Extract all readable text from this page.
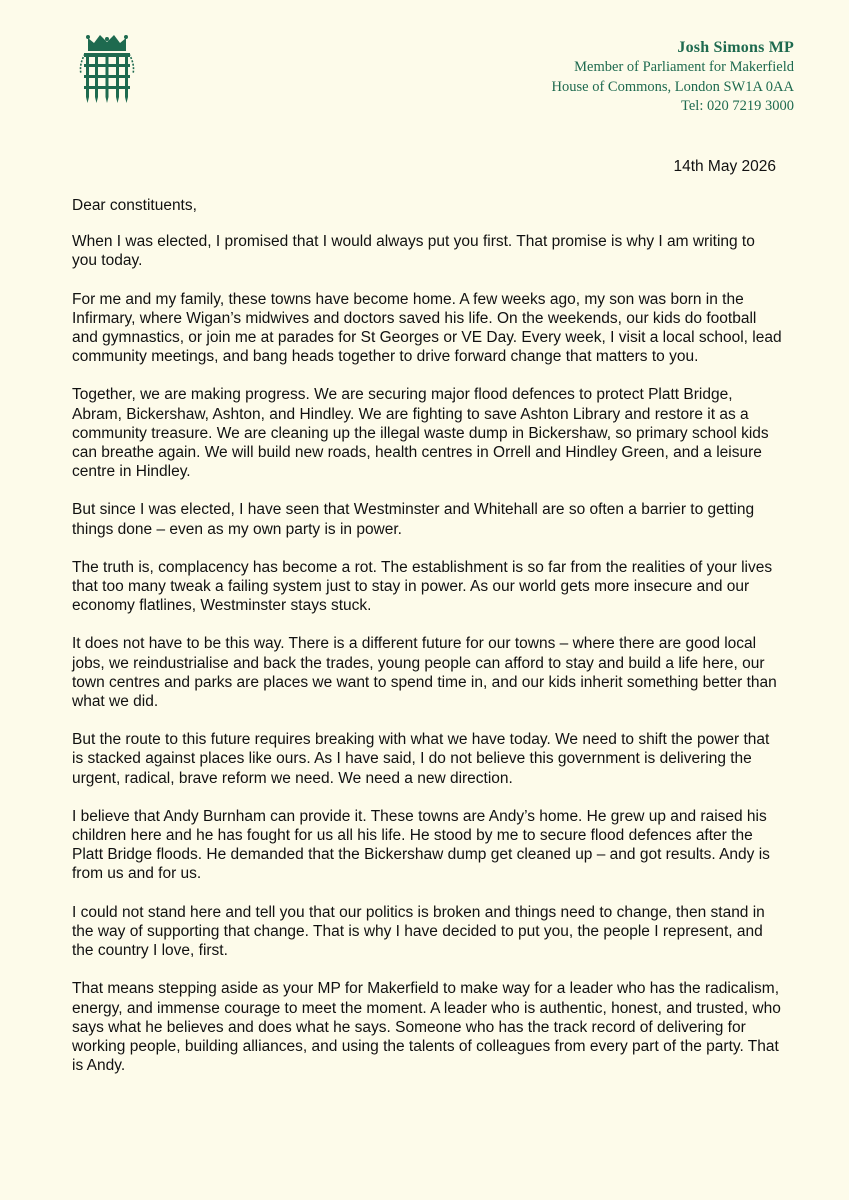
Josh Simons MP
Member of Parliament for Makerfield
House of Commons, London SW1A 0AA
Tel: 020 7219 3000
14th May 2026

Dear constituents,

When I was elected, I promised that I would always put you first. That promise is why I am writing to you today.

For me and my family, these towns have become home. A few weeks ago, my son was born in the Infirmary, where Wigan’s midwives and doctors saved his life. On the weekends, our kids do football and gymnastics, or join me at parades for St Georges or VE Day. Every week, I visit a local school, lead community meetings, and bang heads together to drive forward change that matters to you.

Together, we are making progress. We are securing major flood defences to protect Platt Bridge, Abram, Bickershaw, Ashton, and Hindley. We are fighting to save Ashton Library and restore it as a community treasure. We are cleaning up the illegal waste dump in Bickershaw, so primary school kids can breathe again. We will build new roads, health centres in Orrell and Hindley Green, and a leisure centre in Hindley.

But since I was elected, I have seen that Westminster and Whitehall are so often a barrier to getting things done – even as my own party is in power.

The truth is, complacency has become a rot. The establishment is so far from the realities of your lives that too many tweak a failing system just to stay in power. As our world gets more insecure and our economy flatlines, Westminster stays stuck.

It does not have to be this way. There is a different future for our towns – where there are good local jobs, we reindustrialise and back the trades, young people can afford to stay and build a life here, our town centres and parks are places we want to spend time in, and our kids inherit something better than what we did.

But the route to this future requires breaking with what we have today. We need to shift the power that is stacked against places like ours. As I have said, I do not believe this government is delivering the urgent, radical, brave reform we need. We need a new direction.

I believe that Andy Burnham can provide it. These towns are Andy’s home. He grew up and raised his children here and he has fought for us all his life. He stood by me to secure flood defences after the Platt Bridge floods. He demanded that the Bickershaw dump get cleaned up – and got results. Andy is from us and for us.

I could not stand here and tell you that our politics is broken and things need to change, then stand in the way of supporting that change. That is why I have decided to put you, the people I represent, and the country I love, first.

That means stepping aside as your MP for Makerfield to make way for a leader who has the radicalism, energy, and immense courage to meet the moment. A leader who is authentic, honest, and trusted, who says what he believes and does what he says. Someone who has the track record of delivering for working people, building alliances, and using the talents of colleagues from every part of the party. That is Andy.
